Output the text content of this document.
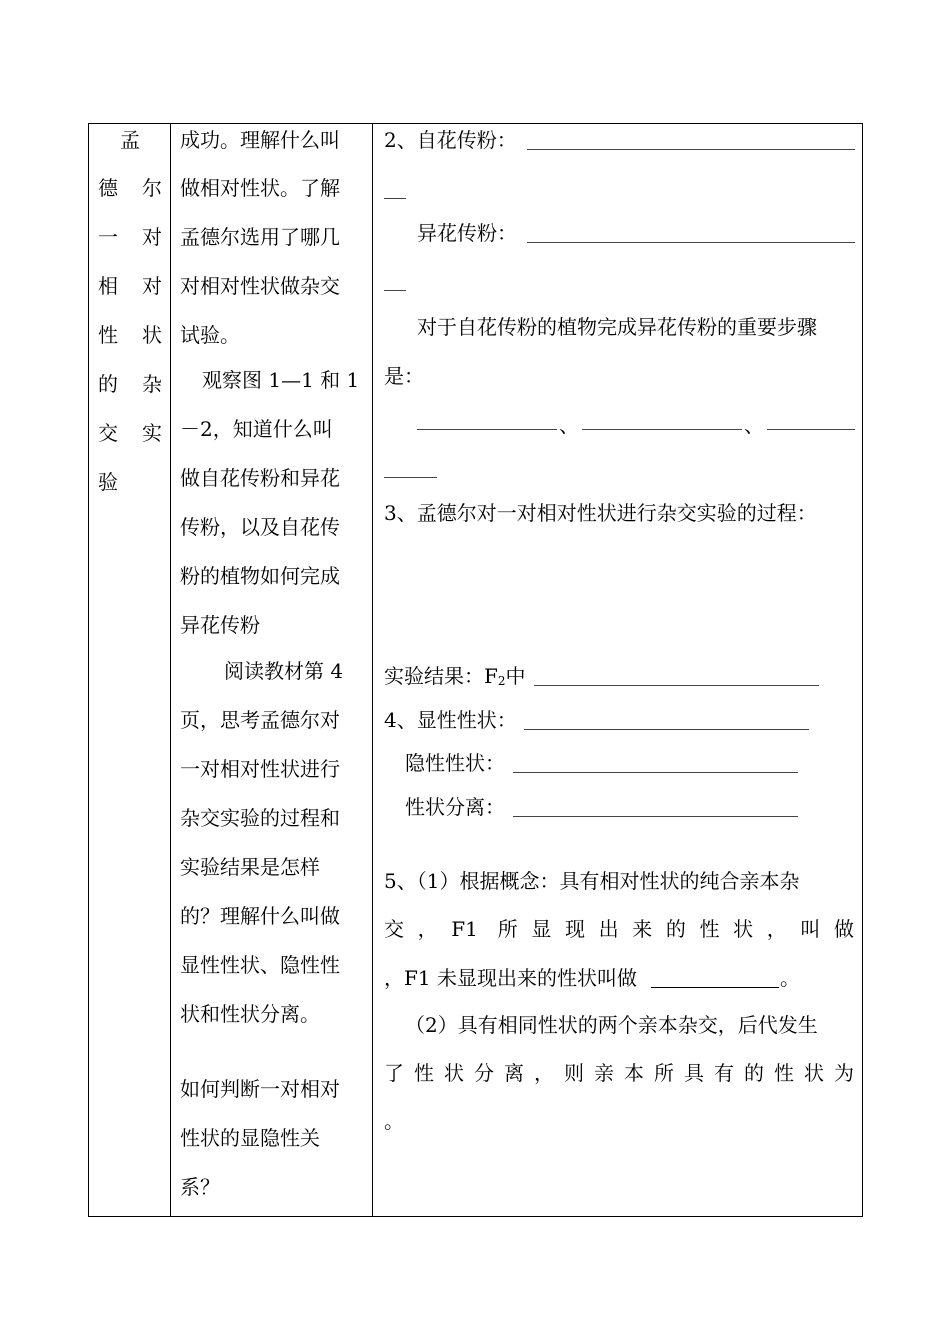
孟
德 尔
一 对
相 对
性 状
的 杂
交 实
验
成功。理解什么叫
做相对性状。了解
孟德尔选用了哪几
对相对性状做杂交
试验。
观察图 1—1 和 1
－2，知道什么叫
做自花传粉和异花
传粉，以及自花传
粉的植物如何完成
异花传粉
阅读教材第 4
页，思考孟德尔对
一对相对性状进行
杂交实验的过程和
实验结果是怎样
的？理解什么叫做
显性性状、隐性性
状和性状分离。
如何判断一对相对
性状的显隐性关
系？
2、自花传粉：
异花传粉：
对于自花传粉的植物完成异花传粉的重要步骤
是：
、	、
3、孟德尔对一对相对性状进行杂交实验的过程：
实验结果：$F_2$中
4、显性性状：
隐性性状：
性状分离：
5、（1）根据概念：具有相对性状的纯合亲本杂
交，F1 所显现出来的性状，叫做
，F1 未显现出来的性状叫做	。
（2）具有相同性状的两个亲本杂交，后代发生
了性状分离，则亲本所具有的性状为
。
